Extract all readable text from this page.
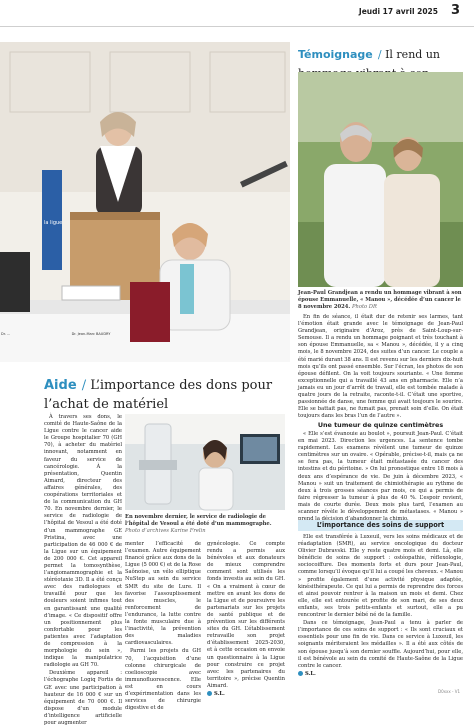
Jeudi 17 avril 2025 3
la ligue
Dr. ...	Dr. Jean-Marc BAUDRY
Aide / L’importance des dons pour l’achat de matériel

À travers ses dons, le comité de Haute-Saône de la Ligue contre le cancer aide le Groupe hospitalier 70 (GH 70), à acheter du matériel innovant, notamment en faveur du service de cancérologie. À la présentation, Quentin Aimard, directeur des affaires générales, des coopérations territoriales et de la communication du GH 70. En novembre dernier, le service de radiologie de l’hôpital de Vesoul a été doté d’un mammographe GE Pristina, avec une participation de 46 000 € de la Ligue sur un équipement de 200 000 €. Cet appareil permet la tomosynthèse, l’angiomammographie et la stéréotaxie 3D. Il a été conçu avec des radiologues et travaillé pour que les douleurs soient infimes tout en garantissant une qualité d’image. « Ce dispositif offre un positionnement plus confortable pour les patientes avec l’adaptation de compression à la morphologie du sein », indique la manipulatrice radiologie au GH 70.

Deuxième appareil : l’échographe Logiq Fortis de GE avec une participation à hauteur de 16 000 € sur un équipement de 70 000 €. Il dispose d’un module d’intelligence artificielle pour augmenter

En novembre dernier, le service de radiologie de l’hôpital de Vesoul a été doté d’un mammographe.
Photo d’archives Karine Frelin

menter l’efficacité de l’examen. Autre équipement financé grâce aux dons de la Ligue (5 000 €) et de la Rose Saônoise, un vélo elliptique NuStep au sein du service SMR du site de Lure. Il favorise l’assouplissement des muscles, le renforcement de l’endurance, la lutte contre la fonte musculaire due à l’inactivité, la prévention des maladies cardiovasculaires.

Parmi les projets du GH 70, l’acquisition d’une colonne chirurgicale de coelioscopie avec immunofluorescence. Elle est en cours d’expérimentation dans les services de chirurgie digestive et de

gynécologie. Ce compte rendu a permis aux bénévoles et aux donateurs de mieux comprendre comment sont utilisés les fonds investis au sein du GH. « On a vraiment à cœur de mettre en avant les dons de la Ligue et de poursuivre les partenariats sur les projets de santé publique et de prévention sur les différents sites du GH. L’établissement retravaille son projet d’établissement 2025-2030, et à cette occasion on envoie un questionnaire à la Ligue pour construire ce projet avec les partenaires du territoire », précise Quentin Aimard.

S.L.

Témoignage / Il rend un
Jean-Paul Grandjean a rendu un hommage vibrant à son épouse Emmanuelle, « Manou », décédée d’un cancer le 8 novembre 2024. Photo DR

En fin de séance, il était dur de retenir ses larmes, tant l’émotion était grande avec le témoignage de Jean-Paul Grandjean, originaire d’Aroz, près de Saint-Loup-sur-Semouse. Il a rendu un hommage poignant et très touchant à son épouse Emmanuelle, sa « Manou », décédée, il y a cinq mois, le 8 novembre 2024, des suites d’un cancer. Le couple a été marié durant 38 ans. Il est revenu sur les derniers dix-huit mois qu’ils ont passé ensemble. Sur l’écran, les photos de son épouse défilent. On la voit toujours souriante. « Une femme exceptionnelle qui a travaillé 43 ans en pharmacie. Elle n’a jamais eu un jour d’arrêt de travail, elle est tombée malade à quatre jours de la retraite, raconte-t-il. C’était une sportive, passionnée de danse, une femme qui avait toujours le sourire. Elle se battait pas, ne fumait pas, prenait soin d’elle. On était toujours dans les bras l’un de l’autre ».

Une tumeur de quinze centimètres

« Elle s’est évanouie au boulot », poursuit Jean-Paul. C’était en mai 2023. Direction les urgences. La sentence tombe rapidement. Les examens révèlent une tumeur de quinze centimètres sur un ovaire. « Opérable, précise-t-il, mais ça ne se fera pas, la tumeur était métastasée du cancer des intestins et du péritoine. » On lui pronostique entre 18 mois à deux ans d’espérance de vie. De juin à décembre 2023, « Manou » suit un traitement de chimiothérapie au rythme de deux à trois grosses séances par mois, ce qui a permis de faire régresser la tumeur à plus de 40 %. L’espoir revient, mais de courte durée. Deux mois plus tard, l’examen au scanner révèle le développement de métastases. « Manou »

L’importance des soins de support

Elle est transférée à Luxeuil, vers les soins médicaux et de réadaptation (SMR), au service oncologique du docteur Olivier Dubravski. Elle y reste quatre mois et demi. Là, elle bénéficie de soins de support : ostéopathie, réflexologie, sociocoiffure. Des moments forts et durs pour Jean-Paul, comme lorsqu’il évoque qu’il lui a coupé les cheveux. « Manou » profite également d’une activité physique adaptée, kinésithérapeute. Ce qui lui a permis de reprendre des forces et ainsi pouvoir rentrer à la maison un mois et demi. Chez elle, elle est entourée et profite de son mari, de ses deux enfants, ses trois petits-enfants et surtout, elle a pu rencontrer le dernier bébé né de la famille.

Dans ce témoignage, Jean-Paul a tenu à parler de l’importance de ces soins de support : « Ils sont cruciaux et essentiels pour une fin de vie. Dans ce service à Luxeuil, les soignants mériteraient les médailles ». Il a été aux côtés de son épouse jusqu’à son dernier souffle. Aujourd’hui, pour elle, il est bénévole au sein du comité de Haute-Saône de la Ligue contre le cancer.

S.L.

D0xxx - V1
